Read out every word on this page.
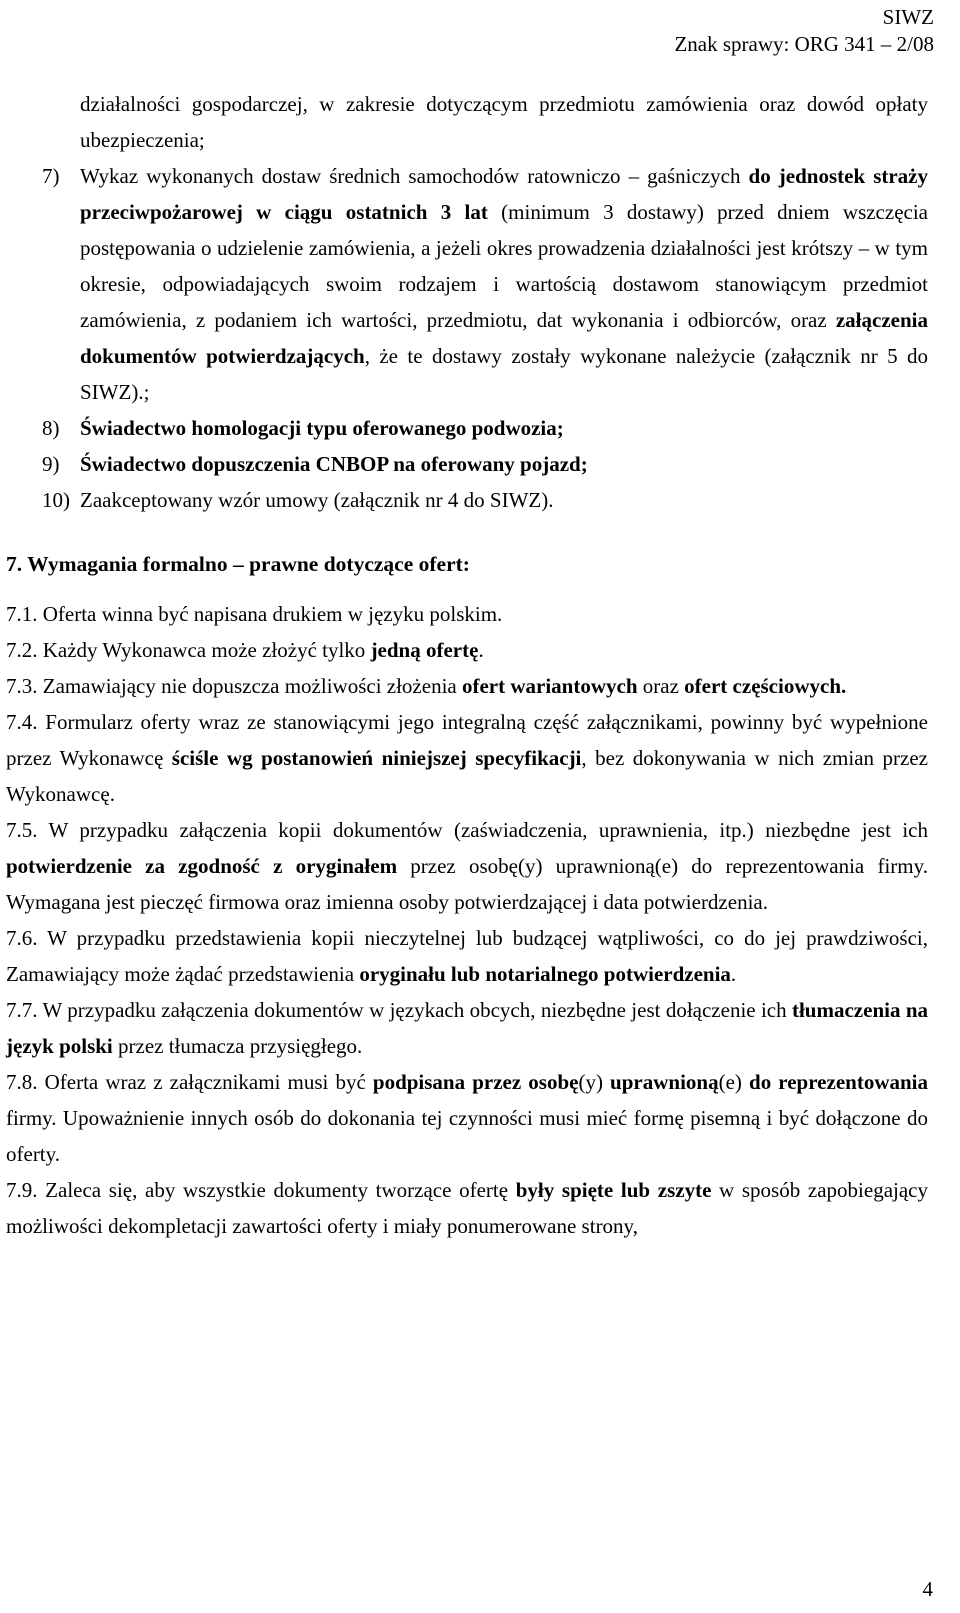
SIWZ
Znak sprawy: ORG 341 – 2/08

działalności gospodarczej, w zakresie dotyczącym przedmiotu zamówienia oraz dowód opłaty ubezpieczenia;

7) Wykaz wykonanych dostaw średnich samochodów ratowniczo – gaśniczych do jednostek straży przeciwpożarowej w ciągu ostatnich 3 lat (minimum 3 dostawy) przed dniem wszczęcia postępowania o udzielenie zamówienia, a jeżeli okres prowadzenia działalności jest krótszy – w tym okresie, odpowiadających swoim rodzajem i wartością dostawom stanowiącym przedmiot zamówienia, z podaniem ich wartości, przedmiotu, dat wykonania i odbiorców, oraz załączenia dokumentów potwierdzających, że te dostawy zostały wykonane należycie (załącznik nr 5 do SIWZ).;

8) Świadectwo homologacji typu oferowanego podwozia;

9) Świadectwo dopuszczenia CNBOP na oferowany pojazd;

10) Zaakceptowany wzór umowy (załącznik nr 4 do SIWZ).

7. Wymagania formalno – prawne dotyczące ofert:

7.1. Oferta winna być napisana drukiem w języku polskim.

7.2. Każdy Wykonawca może złożyć tylko jedną ofertę.

7.3. Zamawiający nie dopuszcza możliwości złożenia ofert wariantowych oraz ofert częściowych.

7.4. Formularz oferty wraz ze stanowiącymi jego integralną część załącznikami, powinny być wypełnione przez Wykonawcę ściśle wg postanowień niniejszej specyfikacji, bez dokonywania w nich zmian przez Wykonawcę.

7.5. W przypadku załączenia kopii dokumentów (zaświadczenia, uprawnienia, itp.) niezbędne jest ich potwierdzenie za zgodność z oryginałem przez osobę(y) uprawnioną(e) do reprezentowania firmy. Wymagana jest pieczęć firmowa oraz imienna osoby potwierdzającej i data potwierdzenia.

7.6. W przypadku przedstawienia kopii nieczytelnej lub budzącej wątpliwości, co do jej prawdziwości, Zamawiający może żądać przedstawienia oryginału lub notarialnego potwierdzenia.

7.7. W przypadku załączenia dokumentów w językach obcych, niezbędne jest dołączenie ich tłumaczenia na język polski przez tłumacza przysięgłego.

7.8. Oferta wraz z załącznikami musi być podpisana przez osobę(y) uprawnioną(e) do reprezentowania firmy. Upoważnienie innych osób do dokonania tej czynności musi mieć formę pisemną i być dołączone do oferty.

7.9. Zaleca się, aby wszystkie dokumenty tworzące ofertę były spięte lub zszyte w sposób zapobiegający możliwości dekompletacji zawartości oferty i miały ponumerowane strony,

4
